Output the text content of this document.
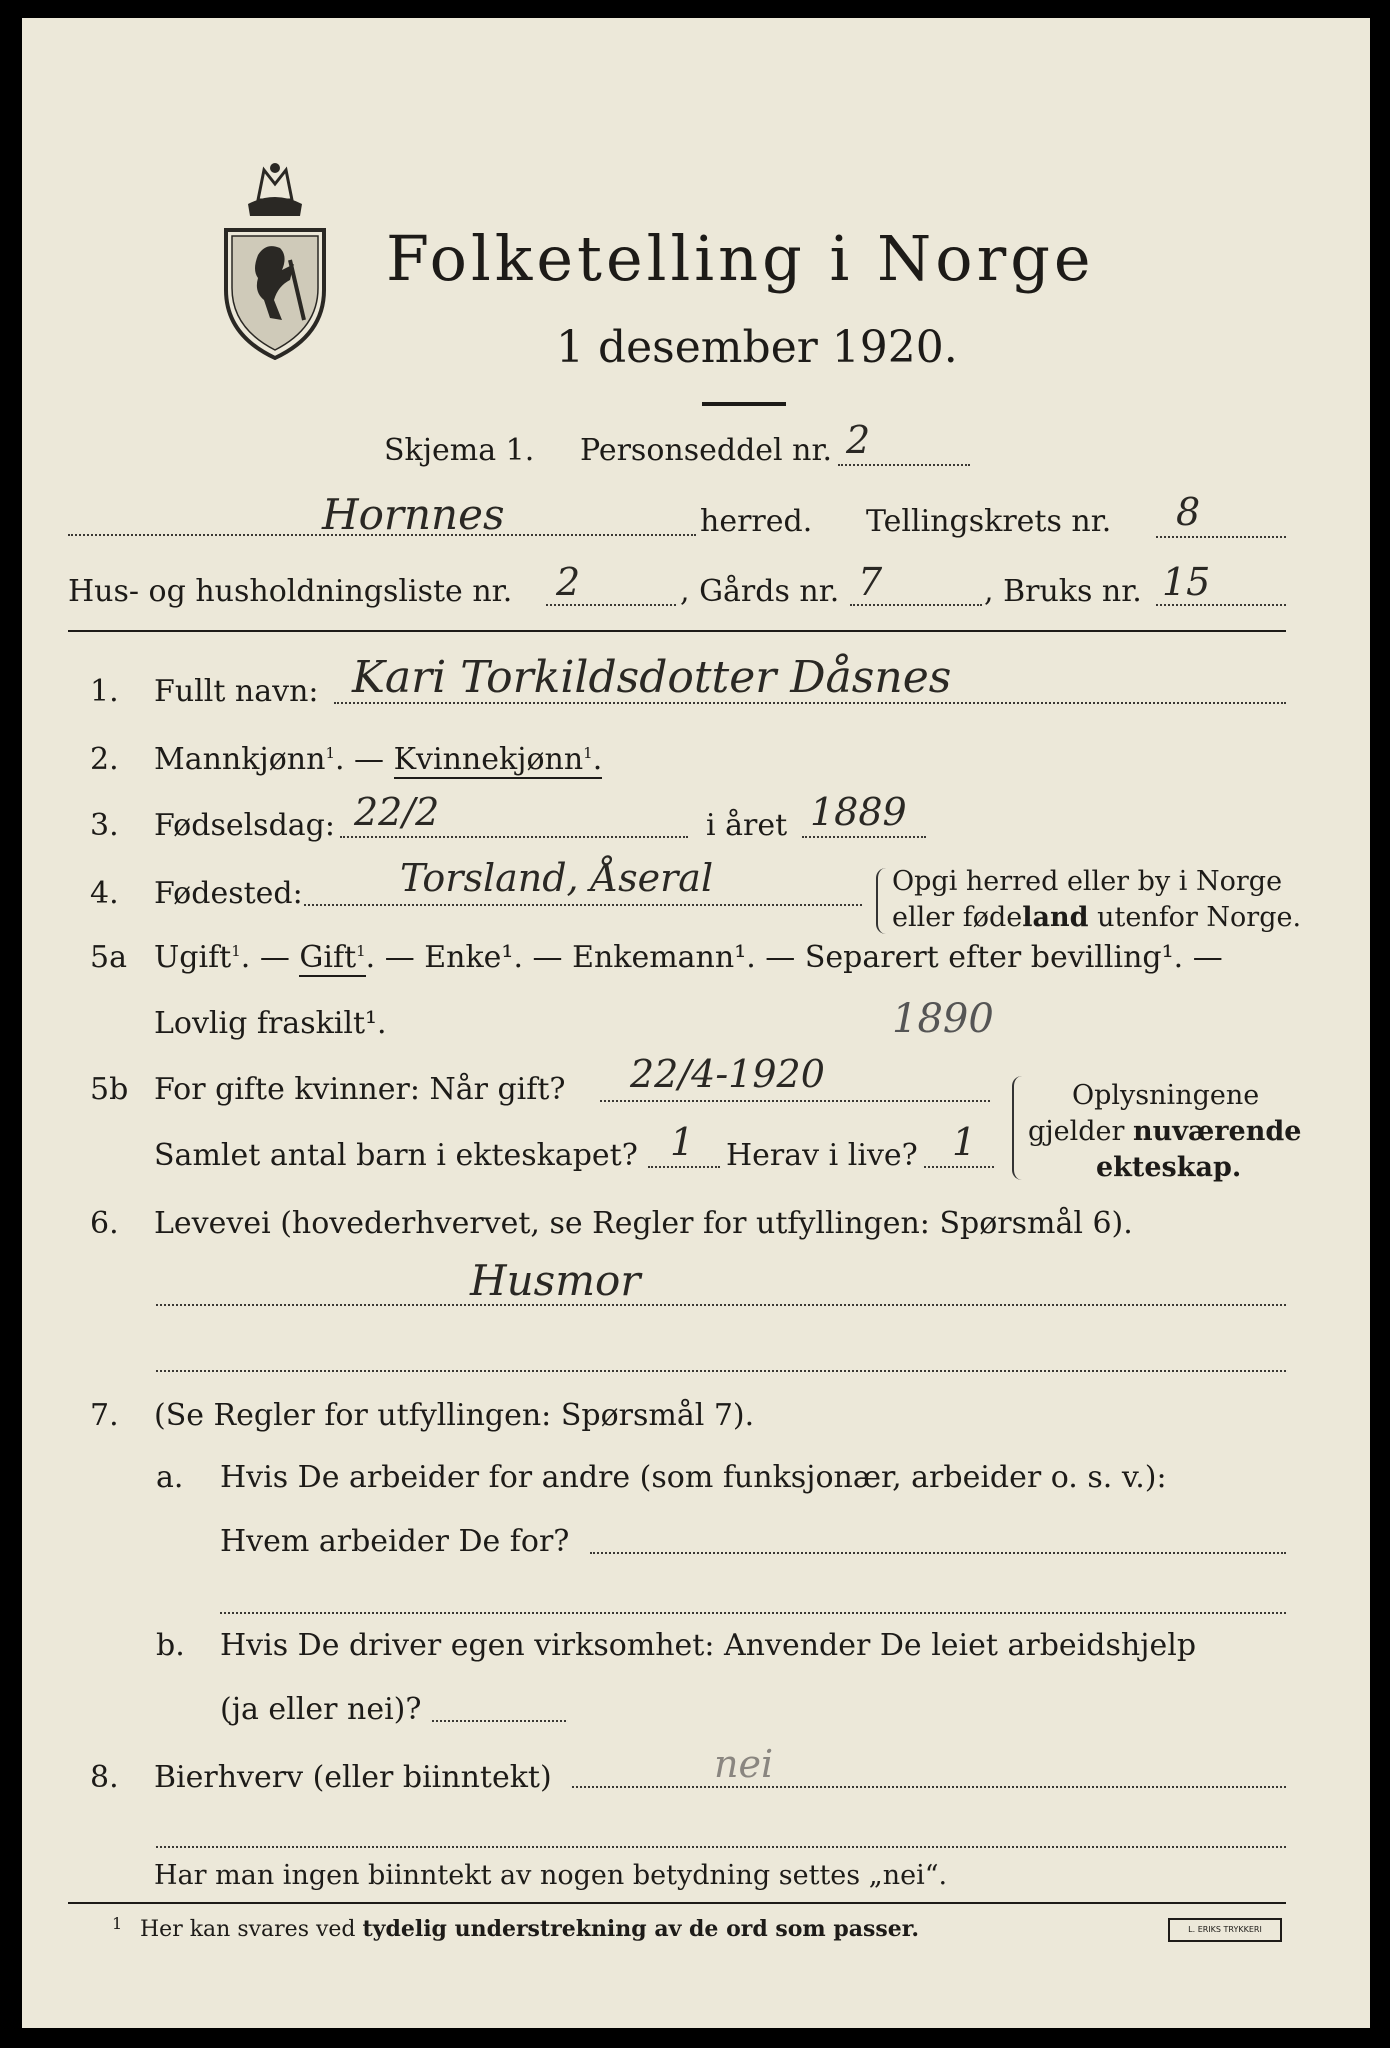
Folketelling i Norge
1 desember 1920.
Skjema 1. Personseddel nr. 2
Hornnes	herred. Tellingskrets nr. 8
Hus- og husholdningsliste nr. 2	, Gårds nr. 7	, Bruks nr. 15
1. Fullt navn: Kari Torkildsdotter Dåsnes
2. Mannkjønn$^1$. — Kvinnekjønn$^1$.
3. Fødselsdag: 22/2	i året 1889
4. Fødested:	Torsland, Åseral	Opgi herred eller by i Norge
eller fødeland utenfor Norge.
5a Ugift$^1$. — Gift$^1$. — Enke¹. — Enkemann¹. — Separert efter bevilling¹. —
Lovlig fraskilt¹.	1890
5b For gifte kvinner: Når gift? 22/4-1920
Samlet antal barn i ekteskapet? 1 Herav i live? 1
Oplysningene
gjelder nuværende
ekteskap.
6. Levevei (hovederhvervet, se Regler for utfyllingen: Spørsmål 6).
Husmor
7. (Se Regler for utfyllingen: Spørsmål 7).
a. Hvis De arbeider for andre (som funksjonær, arbeider o. s. v.):
Hvem arbeider De for?
b. Hvis De driver egen virksomhet: Anvender De leiet arbeidshjelp
(ja eller nei)?
8. Bierhverv (eller biinntekt)	nei
Har man ingen biinntekt av nogen betydning settes „nei“.
1 Her kan svares ved tydelig understrekning av de ord som passer.	L. ERIKS TRYKKERI
